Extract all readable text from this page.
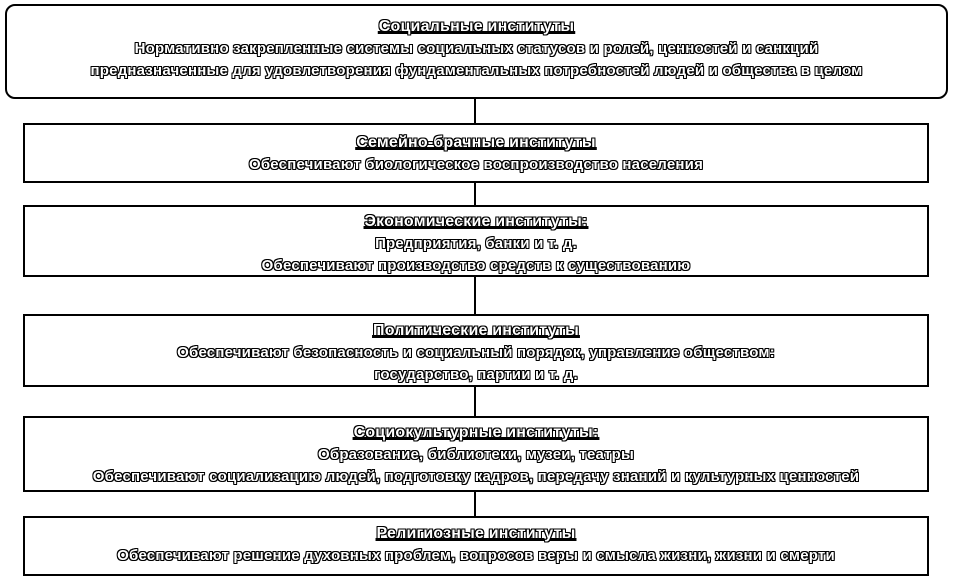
Социальные институты
Нормативно закрепленные системы социальных статусов и ролей, ценностей и санкций
предназначенные для удовлетворения фундаментальных потребностей людей и общества в целом
Семейно-брачные институты
Обеспечивают биологическое воспроизводство населения
Экономические институты:
Предприятия, банки и т. д.
Обеспечивают производство средств к существованию
Политические институты
Обеспечивают безопасность и социальный порядок, управление обществом:
государство, партии и т. д.
Социокультурные институты:
Образование, библиотеки, музеи, театры
Обеспечивают социализацию людей, подготовку кадров, передачу знаний и культурных ценностей
Религиозные институты
Обеспечивают решение духовных проблем, вопросов веры и смысла жизни, жизни и смерти
